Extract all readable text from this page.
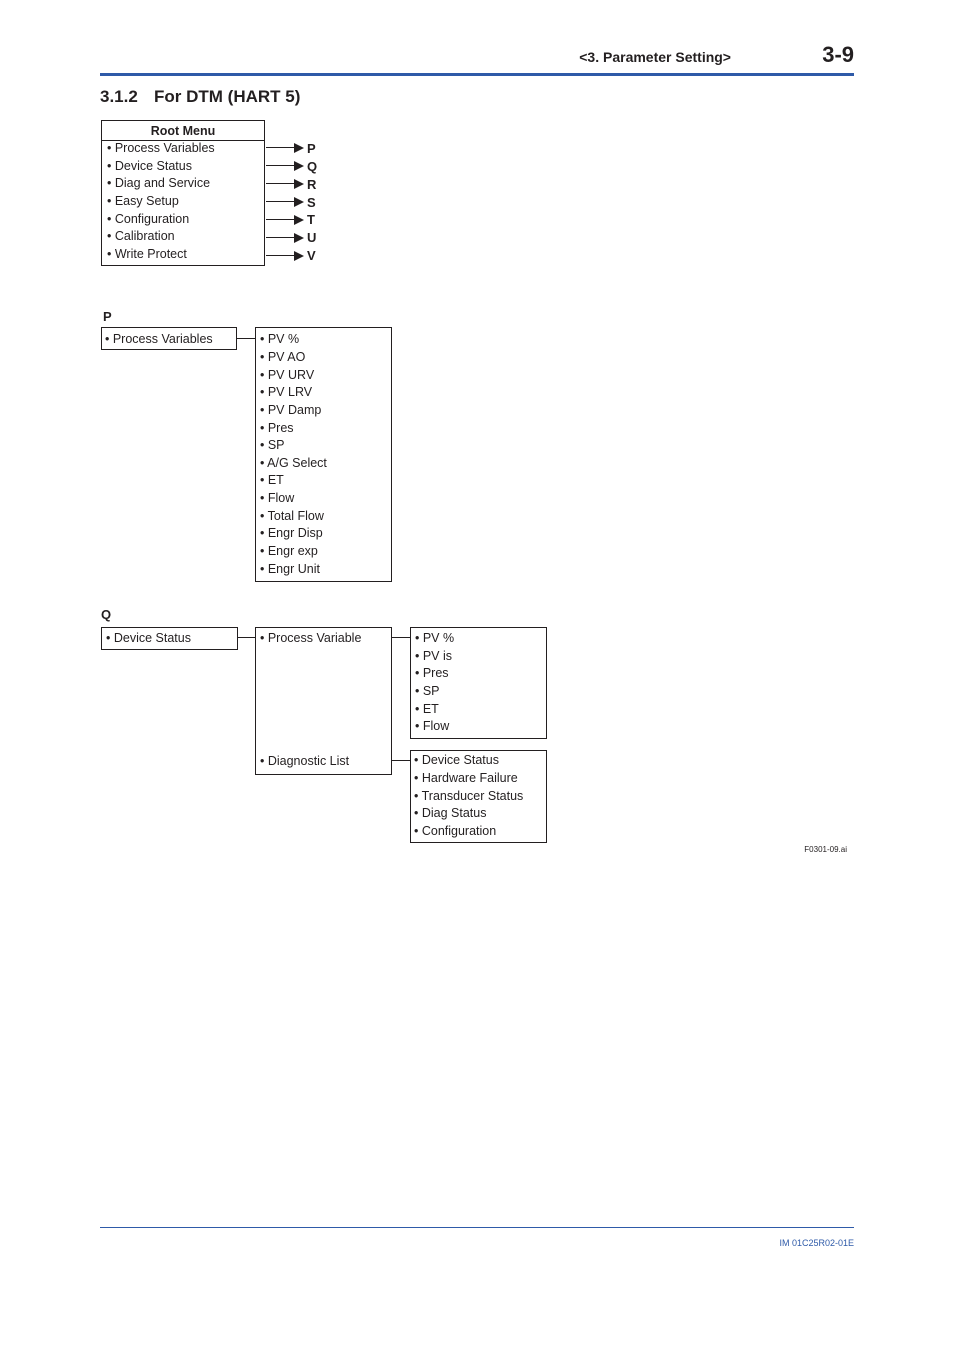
<3. Parameter Setting>	3-9
3.1.2 For DTM (HART 5)
Root Menu
• Process Variables
• Device Status
• Diag and Service
• Easy Setup
• Configuration
• Calibration
• Write Protect
P
Q
R
S
T
U
V
P
• Process Variables	• PV %
• PV AO
• PV URV
• PV LRV
• PV Damp
• Pres
• SP
• A/G Select
• ET
• Flow
• Total Flow
• Engr Disp
• Engr exp
• Engr Unit
Q
• Device Status	• Process Variable
• Diagnostic List
• PV %
• PV is
• Pres
• SP
• ET
• Flow
• Device Status
• Hardware Failure
• Transducer Status
• Diag Status
• Configuration
F0301-09.ai
IM 01C25R02-01E
